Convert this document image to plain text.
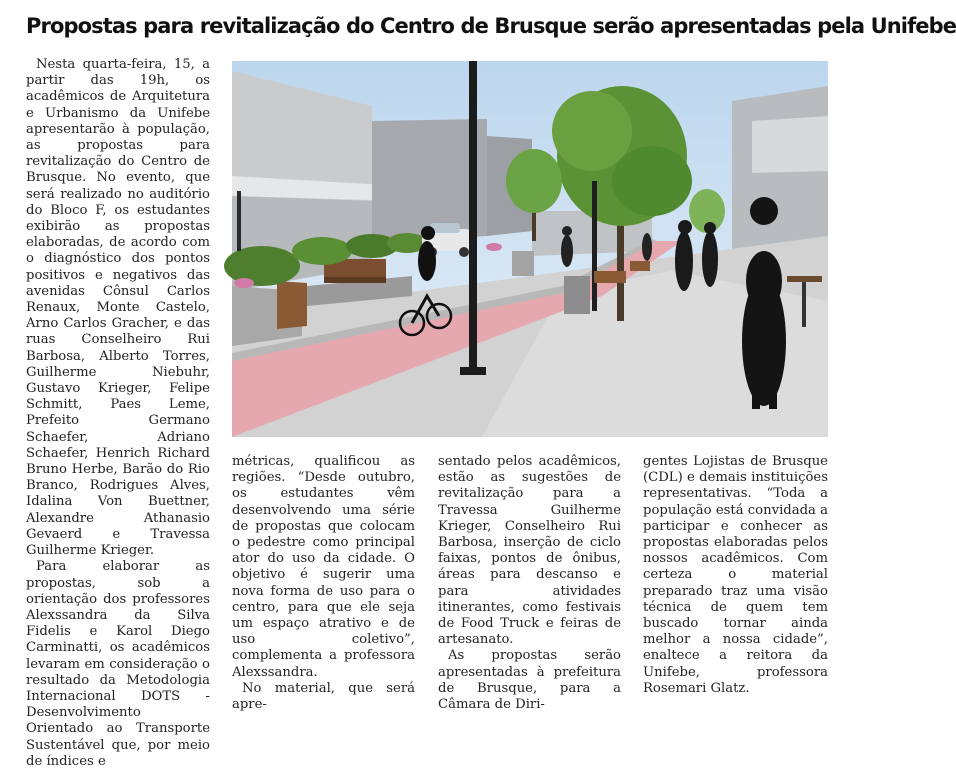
Propostas para revitalização do Centro de Brusque serão apresentadas pela Unifebe

Nesta quarta-feira, 15, a partir das 19h, os acadêmicos de Arquitetura e Urbanismo da Unifebe apresentarão à população, as propostas para revitalização do Centro de Brusque. No evento, que será realizado no auditório do Bloco F, os estudantes exibirão as propostas elaboradas, de acordo com o diagnóstico dos pontos positivos e negativos das avenidas Cônsul Carlos Renaux, Monte Castelo, Arno Carlos Gracher, e das ruas Conselheiro Rui Barbosa, Alberto Torres, Guilherme Niebuhr, Gustavo Krieger, Felipe Schmitt, Paes Leme, Prefeito Germano Schaefer, Adriano Schaefer, Henrich Richard Bruno Herbe, Barão do Rio Branco, Rodrigues Alves, Idalina Von Buettner, Alexandre Athanasio Gevaerd e Travessa Guilherme Krieger.

Para elaborar as propostas, sob a orientação dos professores Alexssandra da Silva Fidelis e Karol Diego Carminatti, os acadêmicos levaram em consideração o resultado da Metodologia Internacional DOTS - Desenvolvimento Orientado ao Transporte Sustentável que, por meio de índices e

métricas, qualificou as regiões. “Desde outubro, os estudantes vêm desenvolvendo uma série de propostas que colocam o pedestre como principal ator do uso da cidade. O objetivo é sugerir uma nova forma de uso para o centro, para que ele seja um espaço atrativo e de uso coletivo”, complementa a professora Alexssandra.

No material, que será apre-

sentado pelos acadêmicos, estão as sugestões de revitalização para a Travessa Guilherme Krieger, Conselheiro Rui Barbosa, inserção de ciclo faixas, pontos de ônibus, áreas para descanso e para atividades itinerantes, como festivais de Food Truck e feiras de artesanato.

As propostas serão apresentadas à prefeitura de Brusque, para a Câmara de Diri-

gentes Lojistas de Brusque (CDL) e demais instituições representativas. “Toda a população está convidada a participar e conhecer as propostas elaboradas pelos nossos acadêmicos. Com certeza o material preparado traz uma visão técnica de quem tem buscado tornar ainda melhor a nossa cidade”, enaltece a reitora da Unifebe, professora Rosemari Glatz.
